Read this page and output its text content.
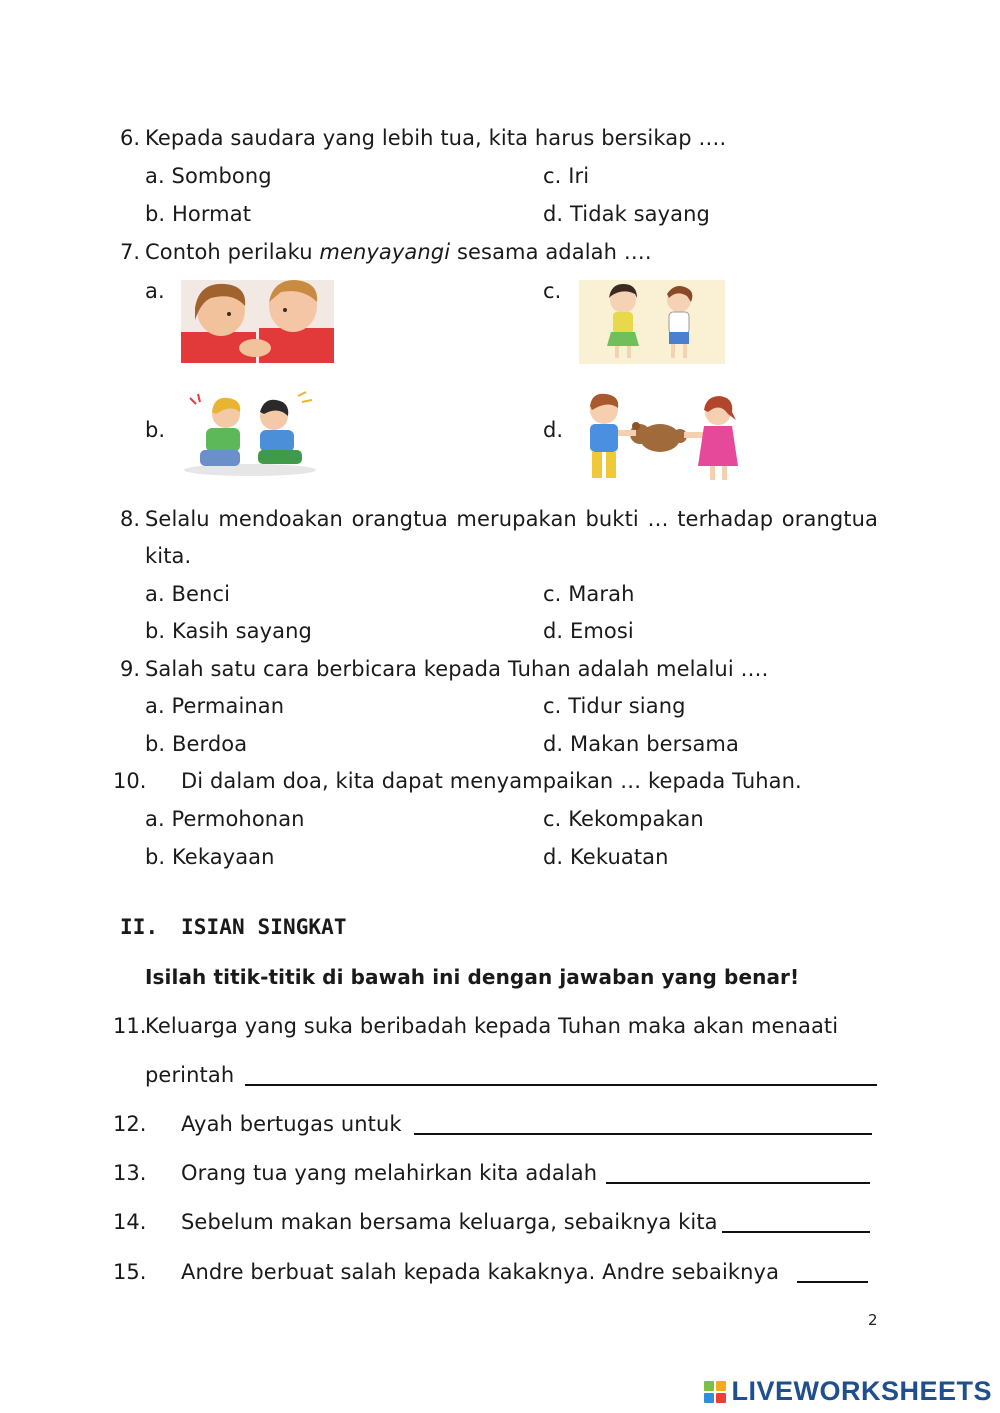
6. Kepada saudara yang lebih tua, kita harus bersikap ….
a. Sombong	c. Iri
b. Hormat	d. Tidak sayang
7. Contoh perilaku menyayangi sesama adalah ….
a.	c.
b.	d.
8. Selalu mendoakan orangtua merupakan bukti … terhadap orangtua
kita.
a. Benci	c. Marah
b. Kasih sayang	d. Emosi
9. Salah satu cara berbicara kepada Tuhan adalah melalui ….
a. Permainan	c. Tidur siang
b. Berdoa	d. Makan bersama
10. Di dalam doa, kita dapat menyampaikan … kepada Tuhan.
a. Permohonan	c. Kekompakan
b. Kekayaan	d. Kekuatan
II. ISIAN SINGKAT
Isilah titik-titik di bawah ini dengan jawaban yang benar!
11.
Keluarga yang suka beribadah kepada Tuhan maka akan menaati
perintah
12. Ayah bertugas untuk
13. Orang tua yang melahirkan kita adalah
14. Sebelum makan bersama keluarga, sebaiknya kita
15. Andre berbuat salah kepada kakaknya. Andre sebaiknya
2
LIVEWORKSHEETS
